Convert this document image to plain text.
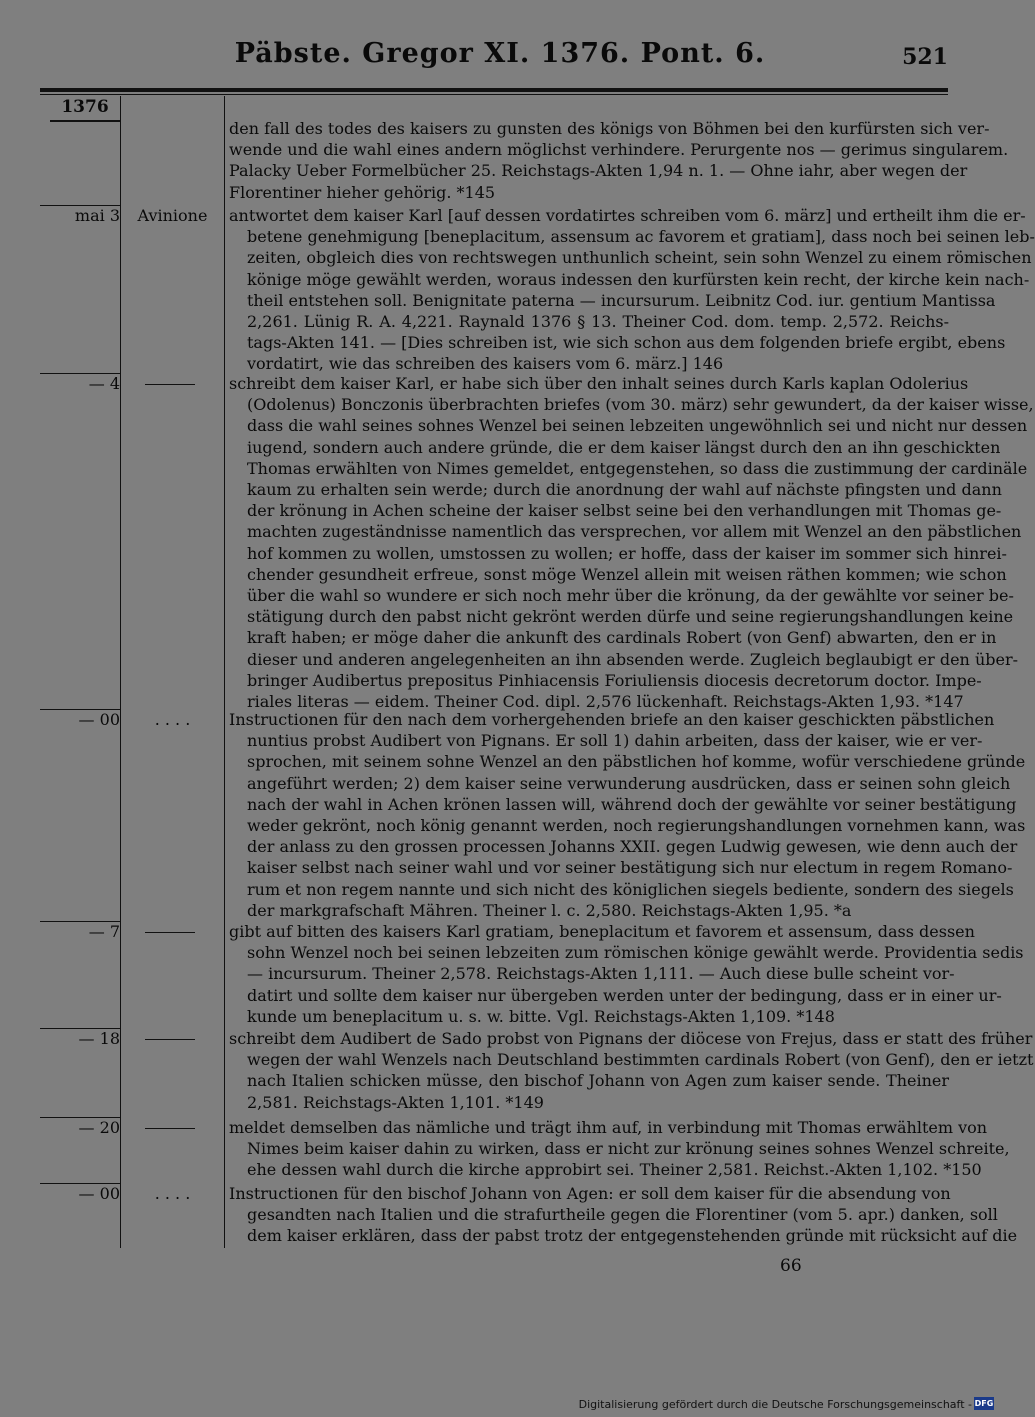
Päbste. Gregor XI. 1376. Pont. 6.	521
1376
den fall des todes des kaisers zu gunsten des königs von Böhmen bei den kurfürsten sich ver-
wende und die wahl eines andern möglichst verhindere. Perurgente nos — gerimus singularem.
Palacky Ueber Formelbücher 25. Reichstags-Akten 1,94 n. 1. — Ohne iahr, aber wegen der
Florentiner hieher gehörig. *145
mai 3	Avinione	antwortet dem kaiser Karl [auf dessen vordatirtes schreiben vom 6. märz] und ertheilt ihm die er-
betene genehmigung [beneplacitum, assensum ac favorem et gratiam], dass noch bei seinen leb-
zeiten, obgleich dies von rechtswegen unthunlich scheint, sein sohn Wenzel zu einem römischen
könige möge gewählt werden, woraus indessen den kurfürsten kein recht, der kirche kein nach-
theil entstehen soll. Benignitate paterna — incursurum. Leibnitz Cod. iur. gentium Mantissa
2,261. Lünig R. A. 4,221. Raynald 1376 § 13. Theiner Cod. dom. temp. 2,572. Reichs-
tags-Akten 141. — [Dies schreiben ist, wie sich schon aus dem folgenden briefe ergibt, ebens
vordatirt, wie das schreiben des kaisers vom 6. märz.] 146
— 4	schreibt dem kaiser Karl, er habe sich über den inhalt seines durch Karls kaplan Odolerius
(Odolenus) Bonczonis überbrachten briefes (vom 30. märz) sehr gewundert, da der kaiser wisse,
dass die wahl seines sohnes Wenzel bei seinen lebzeiten ungewöhnlich sei und nicht nur dessen
iugend, sondern auch andere gründe, die er dem kaiser längst durch den an ihn geschickten
Thomas erwählten von Nimes gemeldet, entgegenstehen, so dass die zustimmung der cardinäle
kaum zu erhalten sein werde; durch die anordnung der wahl auf nächste pfingsten und dann
der krönung in Achen scheine der kaiser selbst seine bei den verhandlungen mit Thomas ge-
machten zugeständnisse namentlich das versprechen, vor allem mit Wenzel an den päbstlichen
hof kommen zu wollen, umstossen zu wollen; er hoffe, dass der kaiser im sommer sich hinrei-
chender gesundheit erfreue, sonst möge Wenzel allein mit weisen räthen kommen; wie schon
über die wahl so wundere er sich noch mehr über die krönung, da der gewählte vor seiner be-
stätigung durch den pabst nicht gekrönt werden dürfe und seine regierungshandlungen keine
kraft haben; er möge daher die ankunft des cardinals Robert (von Genf) abwarten, den er in
dieser und anderen angelegenheiten an ihn absenden werde. Zugleich beglaubigt er den über-
bringer Audibertus prepositus Pinhiacensis Foriuliensis diocesis decretorum doctor. Impe-
riales literas — eidem. Theiner Cod. dipl. 2,576 lückenhaft. Reichstags-Akten 1,93. *147
— 00	. . . .	Instructionen für den nach dem vorhergehenden briefe an den kaiser geschickten päbstlichen
nuntius probst Audibert von Pignans. Er soll 1) dahin arbeiten, dass der kaiser, wie er ver-
sprochen, mit seinem sohne Wenzel an den päbstlichen hof komme, wofür verschiedene gründe
angeführt werden; 2) dem kaiser seine verwunderung ausdrücken, dass er seinen sohn gleich
nach der wahl in Achen krönen lassen will, während doch der gewählte vor seiner bestätigung
weder gekrönt, noch könig genannt werden, noch regierungshandlungen vornehmen kann, was
der anlass zu den grossen processen Johanns XXII. gegen Ludwig gewesen, wie denn auch der
kaiser selbst nach seiner wahl und vor seiner bestätigung sich nur electum in regem Romano-
rum et non regem nannte und sich nicht des königlichen siegels bediente, sondern des siegels
der markgrafschaft Mähren. Theiner l. c. 2,580. Reichstags-Akten 1,95. *a
— 7	gibt auf bitten des kaisers Karl gratiam, beneplacitum et favorem et assensum, dass dessen
sohn Wenzel noch bei seinen lebzeiten zum römischen könige gewählt werde. Providentia sedis
— incursurum. Theiner 2,578. Reichstags-Akten 1,111. — Auch diese bulle scheint vor-
datirt und sollte dem kaiser nur übergeben werden unter der bedingung, dass er in einer ur-
kunde um beneplacitum u. s. w. bitte. Vgl. Reichstags-Akten 1,109. *148
— 18	schreibt dem Audibert de Sado probst von Pignans der diöcese von Frejus, dass er statt des früher
wegen der wahl Wenzels nach Deutschland bestimmten cardinals Robert (von Genf), den er ietzt
nach Italien schicken müsse, den bischof Johann von Agen zum kaiser sende. Theiner
2,581. Reichstags-Akten 1,101. *149
— 20	meldet demselben das nämliche und trägt ihm auf, in verbindung mit Thomas erwähltem von
Nimes beim kaiser dahin zu wirken, dass er nicht zur krönung seines sohnes Wenzel schreite,
ehe dessen wahl durch die kirche approbirt sei. Theiner 2,581. Reichst.-Akten 1,102. *150
— 00	. . . .	Instructionen für den bischof Johann von Agen: er soll dem kaiser für die absendung von
gesandten nach Italien und die strafurtheile gegen die Florentiner (vom 5. apr.) danken, soll
dem kaiser erklären, dass der pabst trotz der entgegenstehenden gründe mit rücksicht auf die
66
Digitalisierung gefördert durch die Deutsche Forschungsgemeinschaft - DFG
